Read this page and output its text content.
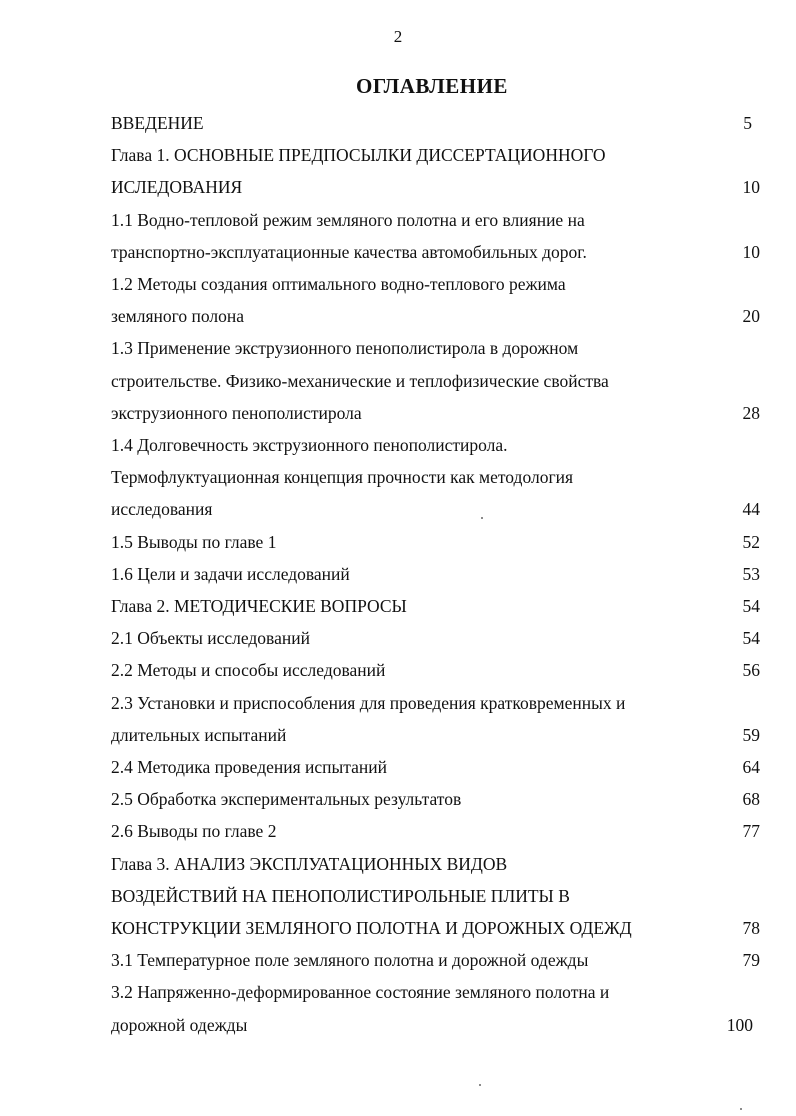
2
ОГЛАВЛЕНИЕ
ВВЕДЕНИЕ	5
Глава 1. ОСНОВНЫЕ ПРЕДПОСЫЛКИ ДИССЕРТАЦИОННОГО
ИСЛЕДОВАНИЯ	10
1.1 Водно-тепловой режим земляного полотна и его влияние на
транспортно-эксплуатационные качества автомобильных дорог.	10
1.2 Методы создания оптимального водно-теплового режима
земляного полона	20
1.3 Применение экструзионного пенополистирола в дорожном
строительстве. Физико-механические и теплофизические свойства
экструзионного пенополистирола	28
1.4 Долговечность экструзионного пенополистирола.
Термофлуктуационная концепция прочности как методология
исследования	44
1.5 Выводы по главе 1	52
1.6 Цели и задачи исследований	53
Глава 2. МЕТОДИЧЕСКИЕ ВОПРОСЫ	54
2.1 Объекты исследований	54
2.2 Методы и способы исследований	56
2.3 Установки и приспособления для проведения кратковременных и
длительных испытаний	59
2.4 Методика проведения испытаний	64
2.5 Обработка экспериментальных результатов	68
2.6 Выводы по главе 2	77
Глава 3. АНАЛИЗ ЭКСПЛУАТАЦИОННЫХ ВИДОВ
ВОЗДЕЙСТВИЙ НА ПЕНОПОЛИСТИРОЛЬНЫЕ ПЛИТЫ В
КОНСТРУКЦИИ ЗЕМЛЯНОГО ПОЛОТНА И ДОРОЖНЫХ ОДЕЖД	78
3.1 Температурное поле земляного полотна и дорожной одежды	79
3.2 Напряженно-деформированное состояние земляного полотна и
дорожной одежды	100
